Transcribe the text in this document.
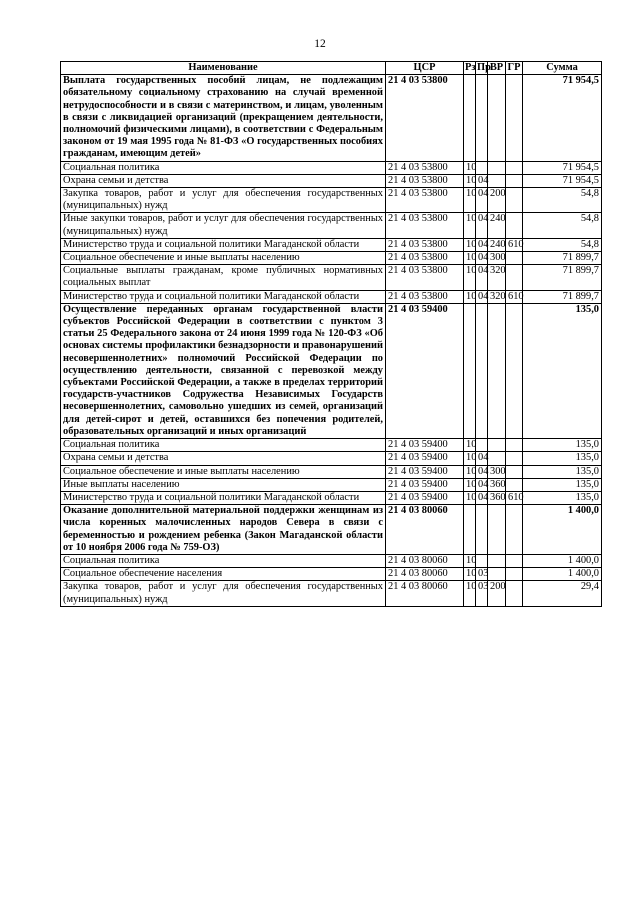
12
Наименование	ЦСР	Рз	Пр	ВР	ГР	Сумма
Выплата государственных пособий лицам, не подлежащим обязательному социальному страхованию на случай временной нетрудоспособности и в связи с материнством, и лицам, уволенным в связи с ликвидацией организаций (прекращением деятельности, полномочий физическими лицами), в соответствии с Федеральным законом от 19 мая 1995 года № 81-ФЗ «О государственных пособиях гражданам, имеющим детей»	21 4 03 53800					71 954,5
Социальная политика	21 4 03 53800	10				71 954,5
Охрана семьи и детства	21 4 03 53800	10	04			71 954,5
Закупка товаров, работ и услуг для обеспечения государственных (муниципальных) нужд	21 4 03 53800	10	04	200		54,8
Иные закупки товаров, работ и услуг для обеспечения государственных (муниципальных) нужд	21 4 03 53800	10	04	240		54,8
Министерство труда и социальной политики Магаданской области	21 4 03 53800	10	04	240	610	54,8
Социальное обеспечение и иные выплаты населению	21 4 03 53800	10	04	300		71 899,7
Социальные выплаты гражданам, кроме публичных нормативных социальных выплат	21 4 03 53800	10	04	320		71 899,7
Министерство труда и социальной политики Магаданской области	21 4 03 53800	10	04	320	610	71 899,7
Осуществление переданных органам государственной власти субъектов Российской Федерации в соответствии с пунктом 3 статьи 25 Федерального закона от 24 июня 1999 года № 120-ФЗ «Об основах системы профилактики безнадзорности и правонарушений несовершеннолетних» полномочий Российской Федерации по осуществлению деятельности, связанной с перевозкой между субъектами Российской Федерации, а также в пределах территорий государств-участников Содружества Независимых Государств несовершеннолетних, самовольно ушедших из семей, организаций для детей-сирот и детей, оставшихся без попечения родителей, образовательных организаций и иных организаций	21 4 03 59400					135,0
Социальная политика	21 4 03 59400	10				135,0
Охрана семьи и детства	21 4 03 59400	10	04			135,0
Социальное обеспечение и иные выплаты населению	21 4 03 59400	10	04	300		135,0
Иные выплаты населению	21 4 03 59400	10	04	360		135,0
Министерство труда и социальной политики Магаданской области	21 4 03 59400	10	04	360	610	135,0
Оказание дополнительной материальной поддержки женщинам из числа коренных малочисленных народов Севера в связи с беременностью и рождением ребенка (Закон Магаданской области от 10 ноября 2006 года № 759-ОЗ)	21 4 03 80060					1 400,0
Социальная политика	21 4 03 80060	10				1 400,0
Социальное обеспечение населения	21 4 03 80060	10	03			1 400,0
Закупка товаров, работ и услуг для обеспечения государственных (муниципальных) нужд	21 4 03 80060	10	03	200		29,4
